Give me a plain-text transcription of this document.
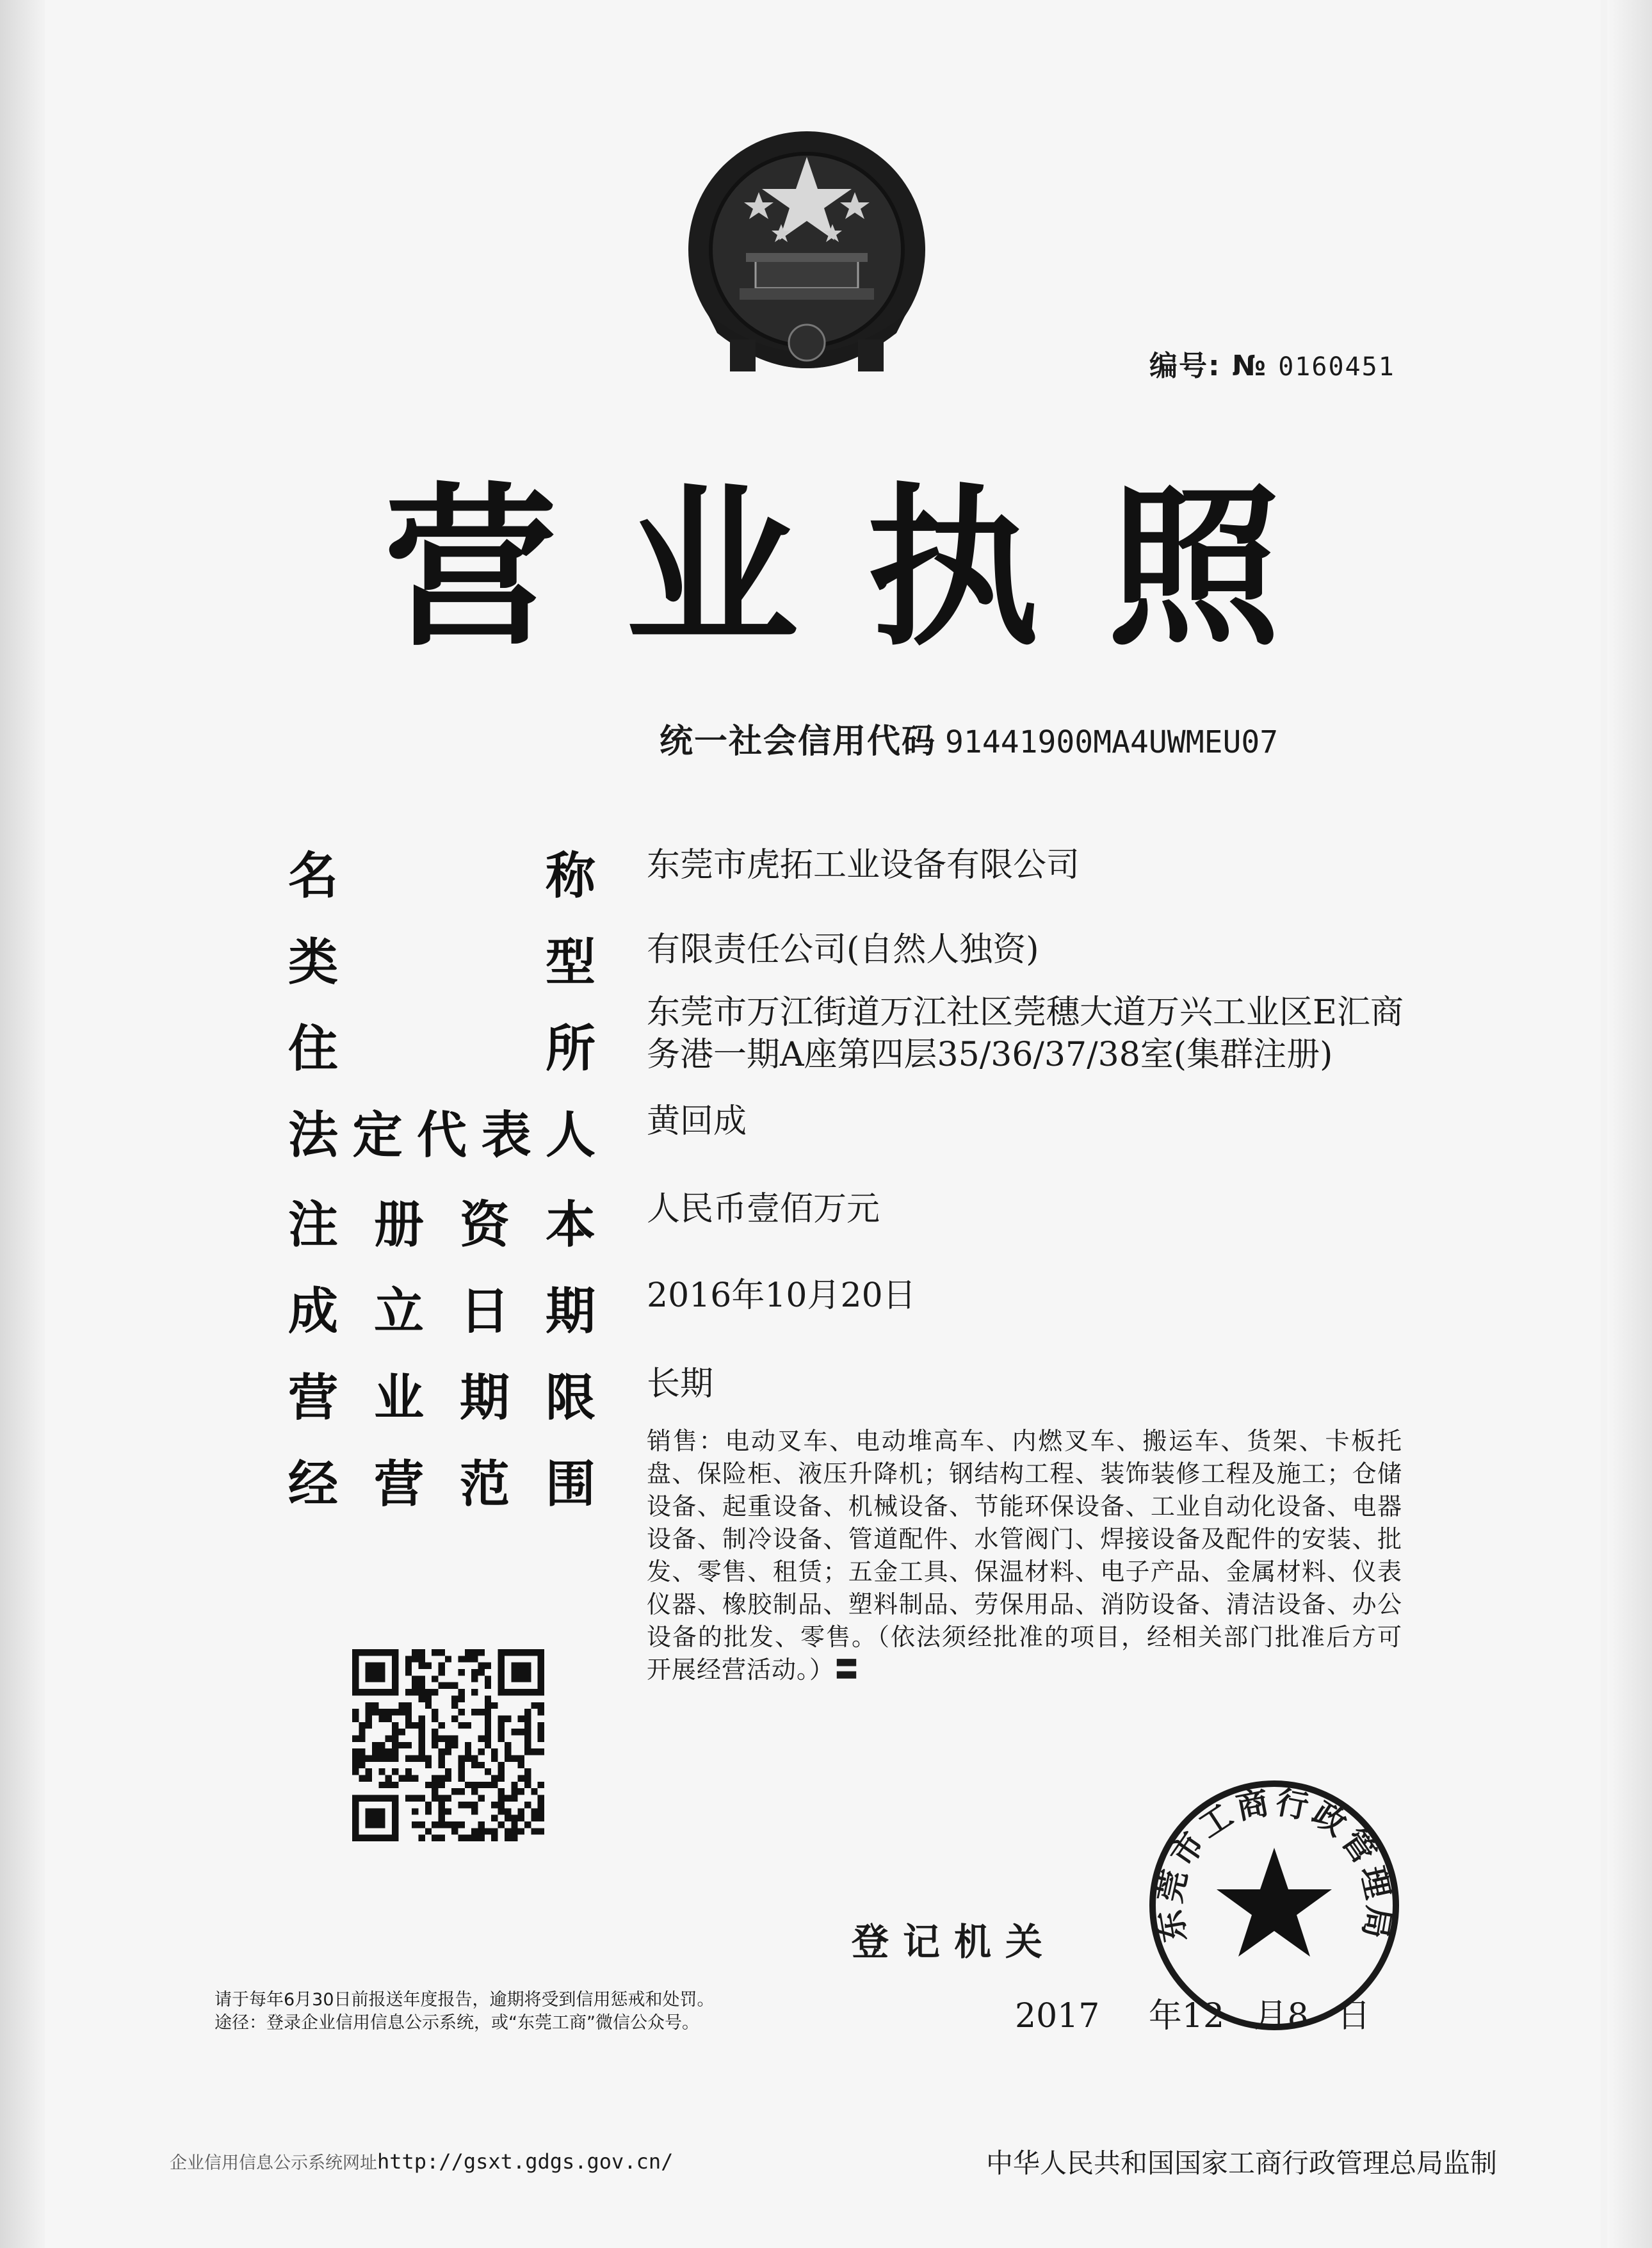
编号: № 0160451
营 业 执 照
统一社会信用代码 91441900MA4UWMEU07
名	称 东莞市虎拓工业设备有限公司
类	型 有限责任公司(自然人独资)
住	所
东莞市万江街道万江社区莞穗大道万兴工业区E汇商
务港一期A座第四层35/36/37/38室(集群注册)
法 定 代 表 人 黄回成
注 册 资 本 人民币壹佰万元
成 立 日 期 2016年10月20日
营 业 期 限 长期
经 营 范 围
销售：电动叉车、电动堆高车、内燃叉车、搬运车、货架、卡板托盘、保险柜、液压升降机；钢结构工程、装饰装修工程及施工；仓储设备、起重设备、机械设备、节能环保设备、工业自动化设备、电器设备、制冷设备、管道配件、水管阀门、焊接设备及配件的安装、批发、零售、租赁；五金工具、保温材料、电子产品、金属材料、仪表仪器、橡胶制品、塑料制品、劳保用品、消防设备、清洁设备、办公设备的批发、零售。（依法须经批准的项目，经相关部门批准后方可开展经营活动。）〓
登记机关
2017 年12 月8 日
东莞市工商行政管理局
请于每年6月30日前报送年度报告，逾期将受到信用惩戒和处罚。
途径：登录企业信用信息公示系统，或“东莞工商”微信公众号。
企业信用信息公示系统网址http://gsxt.gdgs.gov.cn/	中华人民共和国国家工商行政管理总局监制
